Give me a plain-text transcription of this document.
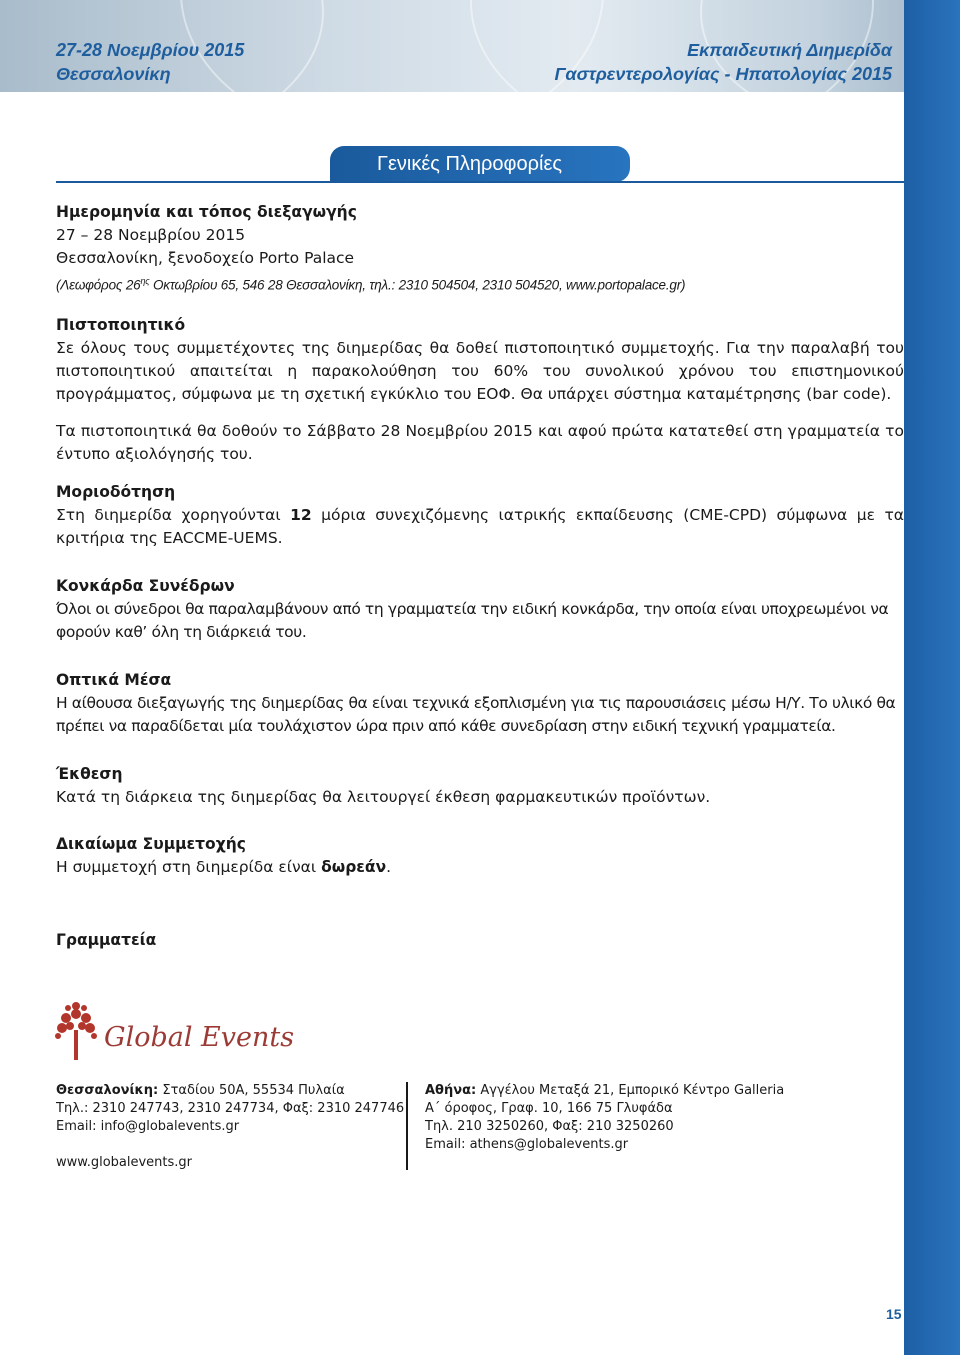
27-28 Νοεμβρίου 2015
Θεσσαλονίκη
Εκπαιδευτική Διημερίδα
Γαστρεντερολογίας - Ηπατολογίας 2015
Γενικές Πληροφορίες

Ημερομηνία και τόπος διεξαγωγής

27 – 28 Νοεμβρίου 2015

Θεσσαλονίκη, ξενοδοχείο Porto Palace

(Λεωφόρος $26^{\eta\varsigma}$ Οκτωβρίου 65, 546 28 Θεσσαλονίκη, τηλ.: 2310 504504, 2310 504520, www.portopalace.gr)

Πιστοποιητικό

Σε όλους τους συμμετέχοντες της διημερίδας θα δοθεί πιστοποιητικό συμμετοχής. Για την παραλαβή του πιστοποιητικού απαιτείται η παρακολούθηση του 60% του συνολικού χρόνου του επιστημονικού προγράμματος, σύμφωνα με τη σχετική εγκύκλιο του ΕΟΦ. Θα υπάρχει σύστημα καταμέτρησης (bar code).

Τα πιστοποιητικά θα δοθούν το Σάββατο 28 Νοεμβρίου 2015 και αφού πρώτα κατατεθεί στη γραμματεία το έντυπο αξιολόγησής του.

Μοριοδότηση

Στη διημερίδα χορηγούνται 12 μόρια συνεχιζόμενης ιατρικής εκπαίδευσης (CME-CPD) σύμφωνα με τα κριτήρια της EACCME-UEMS.

Κονκάρδα Συνέδρων

Όλοι οι σύνεδροι θα παραλαμβάνουν από τη γραμματεία την ειδική κονκάρδα, την οποία είναι υποχρεωμένοι να φορούν καθ’ όλη τη διάρκειά του.

Οπτικά Μέσα

Η αίθουσα διεξαγωγής της διημερίδας θα είναι τεχνικά εξοπλισμένη για τις παρουσιάσεις μέσω Η/Υ. Το υλικό θα πρέπει να παραδίδεται μία τουλάχιστον ώρα πριν από κάθε συνεδρίαση στην ειδική τεχνική γραμματεία.

Έκθεση

Κατά τη διάρκεια της διημερίδας θα λειτουργεί έκθεση φαρμακευτικών προϊόντων.

Δικαίωμα Συμμετοχής

Η συμμετοχή στη διημερίδα είναι δωρεάν.

Γραμματεία

Global Events
Θεσσαλονίκη: Σταδίου 50Α, 55534 Πυλαία
Τηλ.: 2310 247743, 2310 247734, Φαξ: 2310 247746
Email: info@globalevents.gr
www.globalevents.gr
Αθήνα: Αγγέλου Μεταξά 21, Εμπορικό Κέντρο Galleria
Α΄ όροφος, Γραφ. 10, 166 75 Γλυφάδα
Τηλ. 210 3250260, Φαξ: 210 3250260
Email: athens@globalevents.gr
15
